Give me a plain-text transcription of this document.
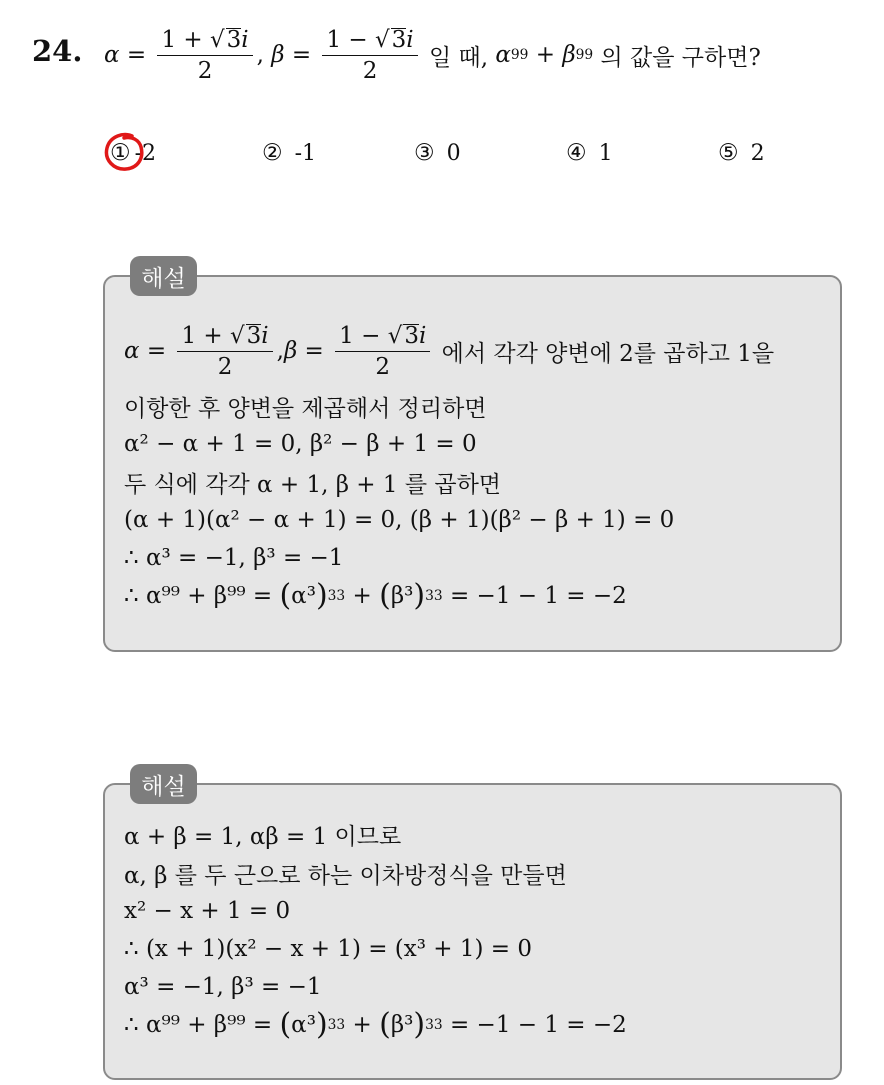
24. $\alpha = \frac{1 + √3i}{2}$ ,
$\beta = \frac{1 - √3i}{2}$
일 때, α 99 + β 99
의 값을 구하면?
① -2	② -1	③ 0	④ 1	⑤ 2
해설
$\alpha = \frac{1 + √3i}{2}$ , $\beta = \frac{1 - √3i}{2}$
에서 각각 양변에 2를 곱하고 1을
이항한 후 양변을 제곱해서 정리하면
α² − α + 1 = 0, β² − β + 1 = 0
두 식에 각각 α + 1, β + 1 를 곱하면
(α + 1)(α² − α + 1) = 0, (β + 1)(β² − β + 1) = 0
∴ α³ = −1, β³ = −1
∴ α⁹⁹ + β⁹⁹ = ( α³ ) 33 + ( β³ ) 33 = −1 − 1 = −2
해설
α + β = 1, αβ = 1 이므로
α, β 를 두 근으로 하는 이차방정식을 만들면
x² − x + 1 = 0
∴ (x + 1)(x² − x + 1) = (x³ + 1) = 0
α³ = −1, β³ = −1
∴ α⁹⁹ + β⁹⁹ = ( α³ ) 33 + ( β³ ) 33 = −1 − 1 = −2
